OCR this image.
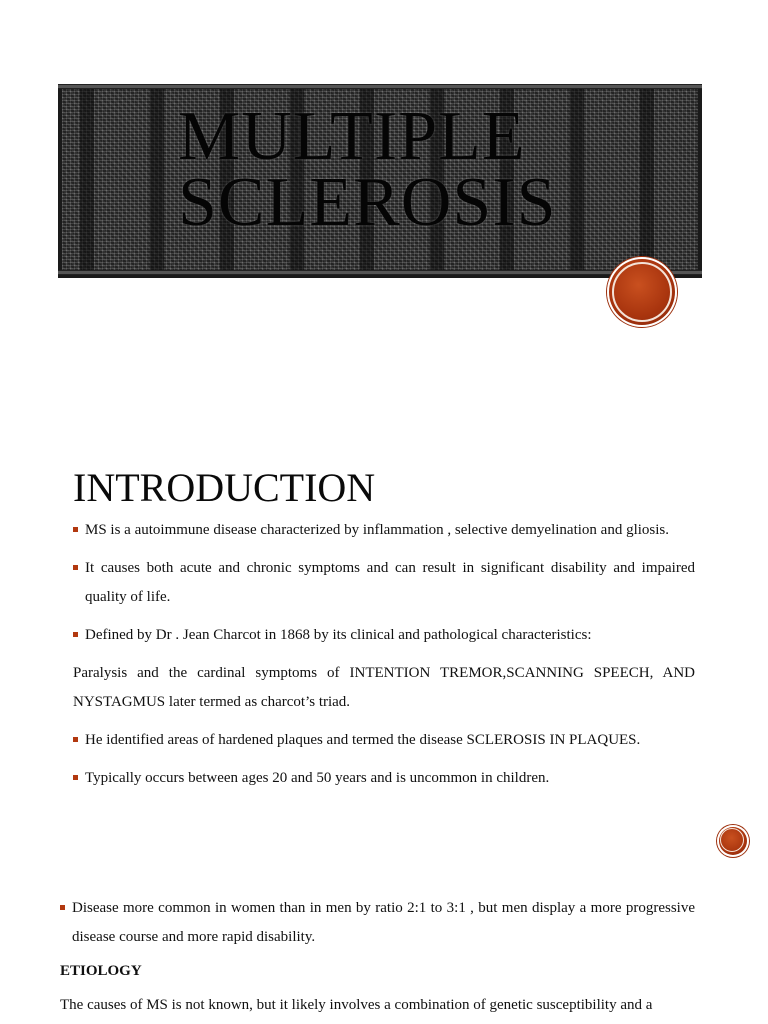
MULTIPLE
SCLEROSIS
INTRODUCTION
MS is a autoimmune disease characterized by inflammation , selective demyelination and gliosis.
It causes both acute and chronic symptoms and can result in significant disability and impaired quality of life.
Defined by Dr . Jean Charcot in 1868 by its clinical and pathological characteristics:
Paralysis and the cardinal symptoms of INTENTION TREMOR,SCANNING SPEECH, AND NYSTAGMUS later termed as charcot’s triad.
He identified areas of hardened plaques and termed the disease SCLEROSIS IN PLAQUES.
Typically occurs between ages 20 and 50 years and is uncommon in children.
Disease more common in women than in men by ratio 2:1 to 3:1 , but men display a more progressive disease course and more rapid disability.
ETIOLOGY
The causes of MS is not known, but it likely involves a combination of genetic susceptibility and a
